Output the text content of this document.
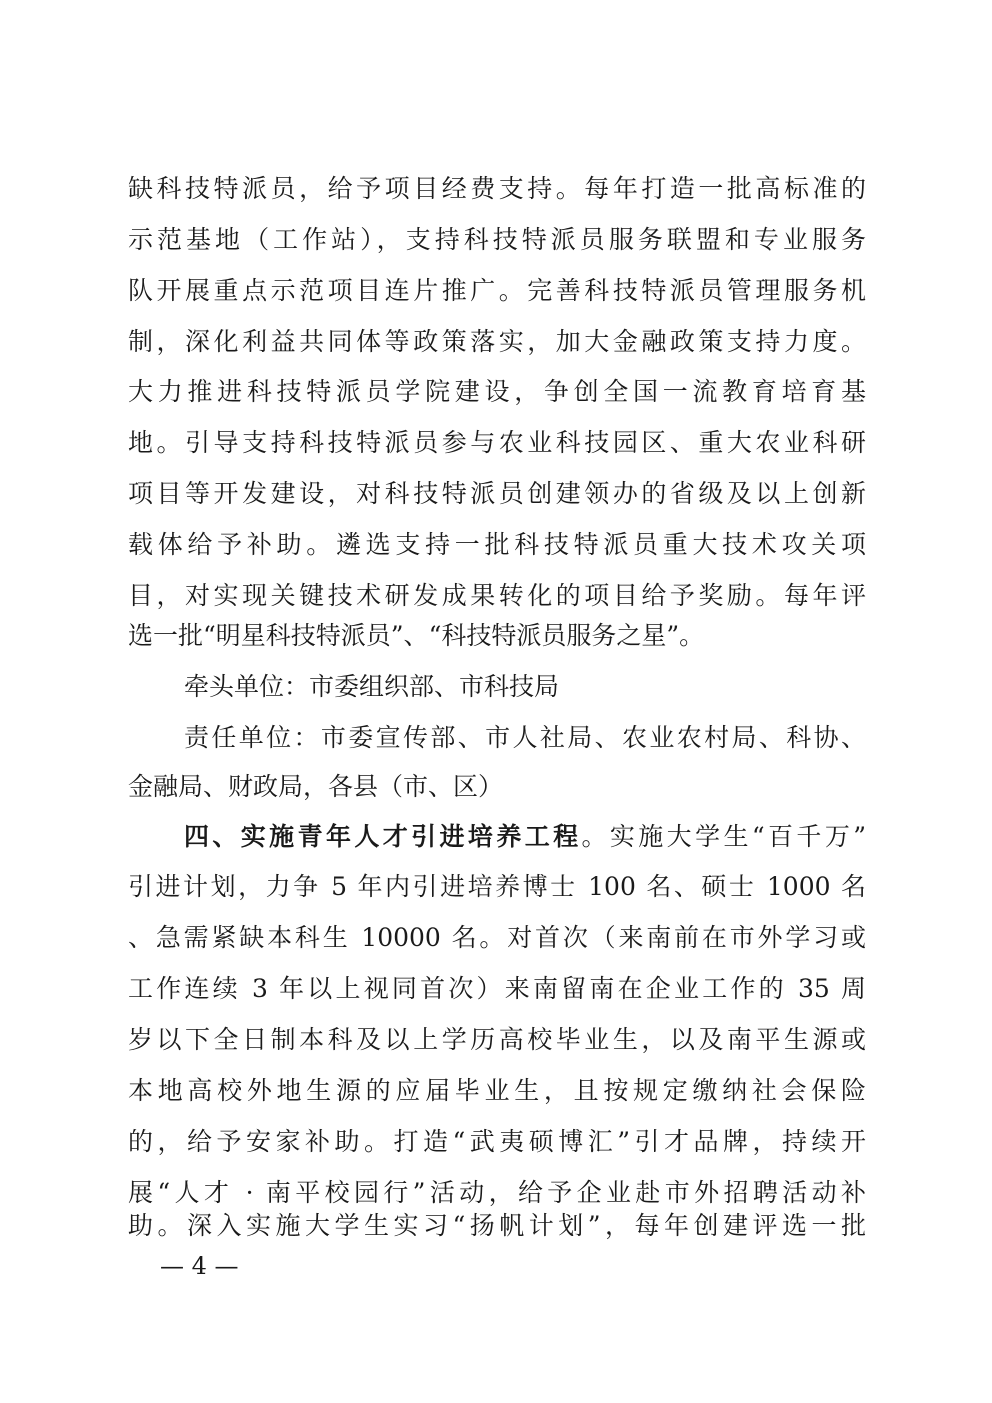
缺科技特派员，给予项目经费支持。每年打造一批高标准的
示范基地（工作站），支持科技特派员服务联盟和专业服务
队开展重点示范项目连片推广。完善科技特派员管理服务机
制，深化利益共同体等政策落实，加大金融政策支持力度。
大力推进科技特派员学院建设，争创全国一流教育培育基
地。引导支持科技特派员参与农业科技园区、重大农业科研
项目等开发建设，对科技特派员创建领办的省级及以上创新
载体给予补助。遴选支持一批科技特派员重大技术攻关项
目，对实现关键技术研发成果转化的项目给予奖励。每年评
选一批“明星科技特派员”、“科技特派员服务之星”。
牵头单位：市委组织部、市科技局
责任单位：市委宣传部、市人社局、农业农村局、科协、
金融局、财政局，各县（市、区）
四、实施青年人才引进培养工程。实施大学生“百千万”
引进计划，力争 5 年内引进培养博士 100 名、硕士 1000 名
、急需紧缺本科生 10000 名。对首次（来南前在市外学习或
工作连续 3 年以上视同首次）来南留南在企业工作的 35 周
岁以下全日制本科及以上学历高校毕业生，以及南平生源或
本地高校外地生源的应届毕业生，且按规定缴纳社会保险
的，给予安家补助。打造“武夷硕博汇”引才品牌，持续开
展“人才 · 南平校园行”活动，给予企业赴市外招聘活动补
助。深入实施大学生实习“扬帆计划”，每年创建评选一批
— 4 —
